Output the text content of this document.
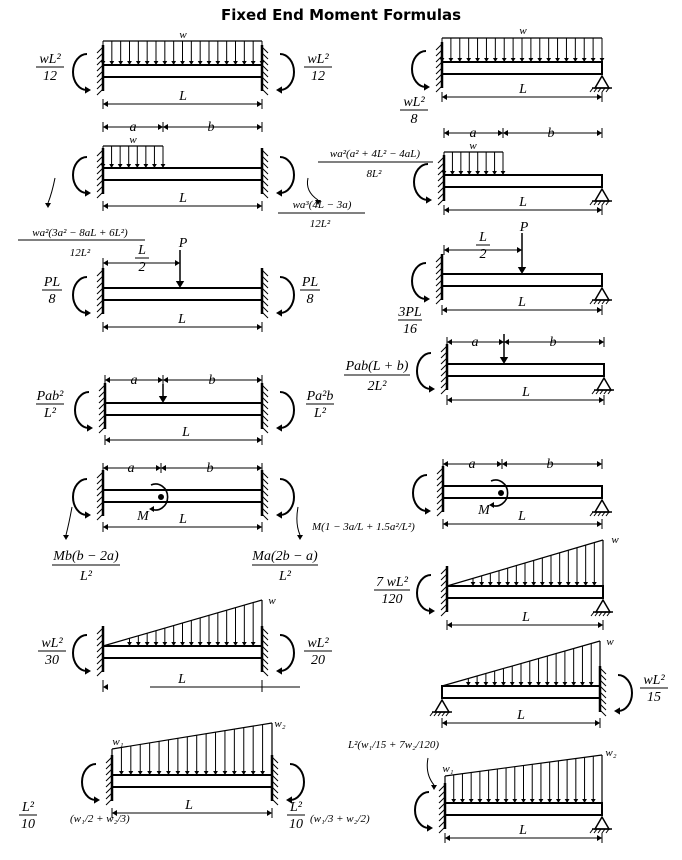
Fixed End Moment Formulas
w
wL²
12
wL²
12
L
a	b
w
L
wa²(3a² − 8aL + 6L²)
12L²
wa³(4L − 3a)
12L²
L
2
P
PL
8
PL
8
L
a	b
Pab²
L²
Pa²b
L²
L
a	b
M L
Mb(b − 2a)
L²
Ma(2b − a)
L²
w
wL²
30
wL²
20
L
w₁
w₂
L
L²
10	(w₁/2 + w₂/3)
L²
10 (w₁/3 + w₂/2)
w
wL²
8
L
a	b
w
wa²(a² + 4L² − 4aL)
8L²
L
L
2
P
3PL
16
L
a	b
Pab(L + b)
2L²	L
a	b
M L
M(1 − 3a/L + 1.5a²/L²)
w
7 wL²
120
L
w
wL²
15
L
w₁
w₂
L²(w₁/15 + 7w₂/120)
L
